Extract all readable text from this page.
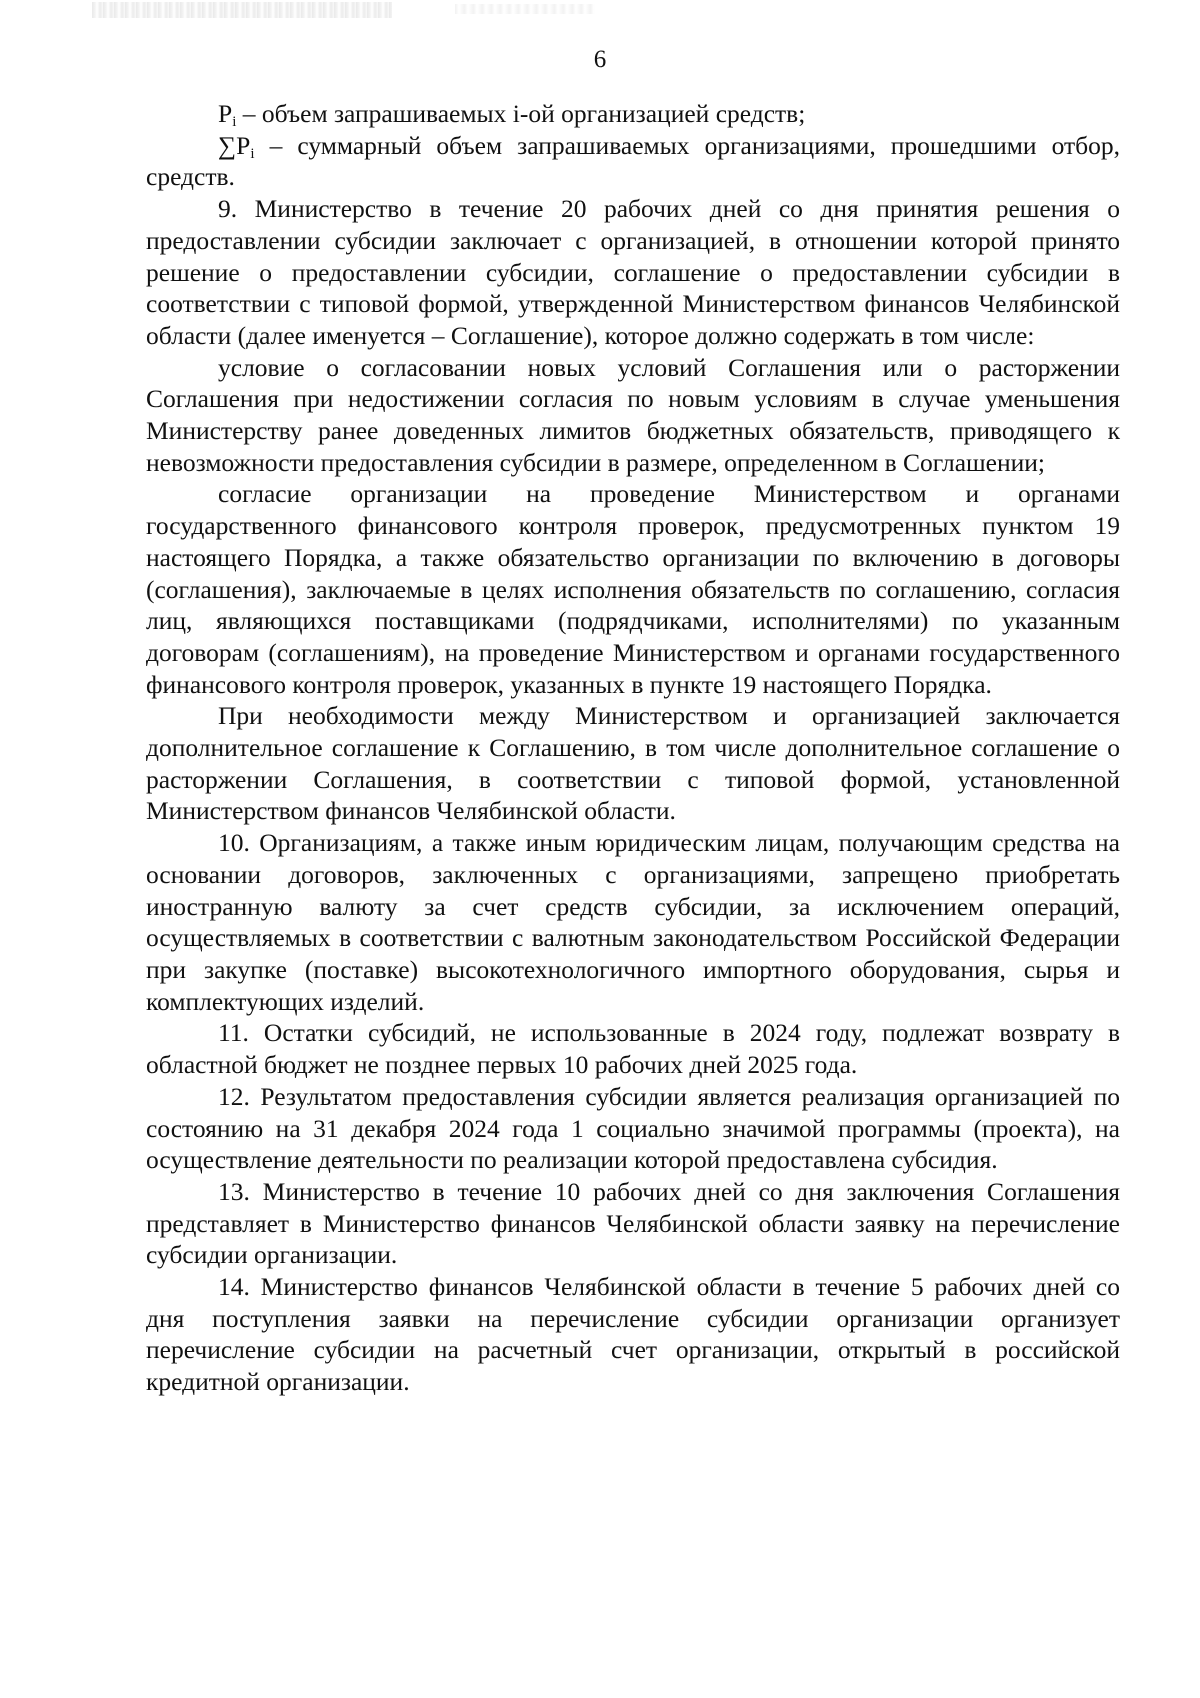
6

$P_i$ – объем запрашиваемых i-ой организацией средств;

$\sum P_i$ – суммарный объем запрашиваемых организациями, прошедшими отбор, средств.

9. Министерство в течение 20 рабочих дней со дня принятия решения о предоставлении субсидии заключает с организацией, в отношении которой принято решение о предоставлении субсидии, соглашение о предоставлении субсидии в соответствии с типовой формой, утвержденной Министерством финансов Челябинской области (далее именуется – Соглашение), которое должно содержать в том числе:

условие о согласовании новых условий Соглашения или о расторжении Соглашения при недостижении согласия по новым условиям в случае уменьшения Министерству ранее доведенных лимитов бюджетных обязательств, приводящего к невозможности предоставления субсидии в размере, определенном в Соглашении;

согласие организации на проведение Министерством и органами государственного финансового контроля проверок, предусмотренных пунктом 19 настоящего Порядка, а также обязательство организации по включению в договоры (соглашения), заключаемые в целях исполнения обязательств по соглашению, согласия лиц, являющихся поставщиками (подрядчиками, исполнителями) по указанным договорам (соглашениям), на проведение Министерством и органами государственного финансового контроля проверок, указанных в пункте 19 настоящего Порядка.

При необходимости между Министерством и организацией заключается дополнительное соглашение к Соглашению, в том числе дополнительное соглашение о расторжении Соглашения, в соответствии с типовой формой, установленной Министерством финансов Челябинской области.

10. Организациям, а также иным юридическим лицам, получающим средства на основании договоров, заключенных с организациями, запрещено приобретать иностранную валюту за счет средств субсидии, за исключением операций, осуществляемых в соответствии с валютным законодательством Российской Федерации при закупке (поставке) высокотехнологичного импортного оборудования, сырья и комплектующих изделий.

11. Остатки субсидий, не использованные в 2024 году, подлежат возврату в областной бюджет не позднее первых 10 рабочих дней 2025 года.

12. Результатом предоставления субсидии является реализация организацией по состоянию на 31 декабря 2024 года 1 социально значимой программы (проекта), на осуществление деятельности по реализации которой предоставлена субсидия.

13. Министерство в течение 10 рабочих дней со дня заключения Соглашения представляет в Министерство финансов Челябинской области заявку на перечисление субсидии организации.

14. Министерство финансов Челябинской области в течение 5 рабочих дней со дня поступления заявки на перечисление субсидии организации организует перечисление субсидии на расчетный счет организации, открытый в российской кредитной организации.
